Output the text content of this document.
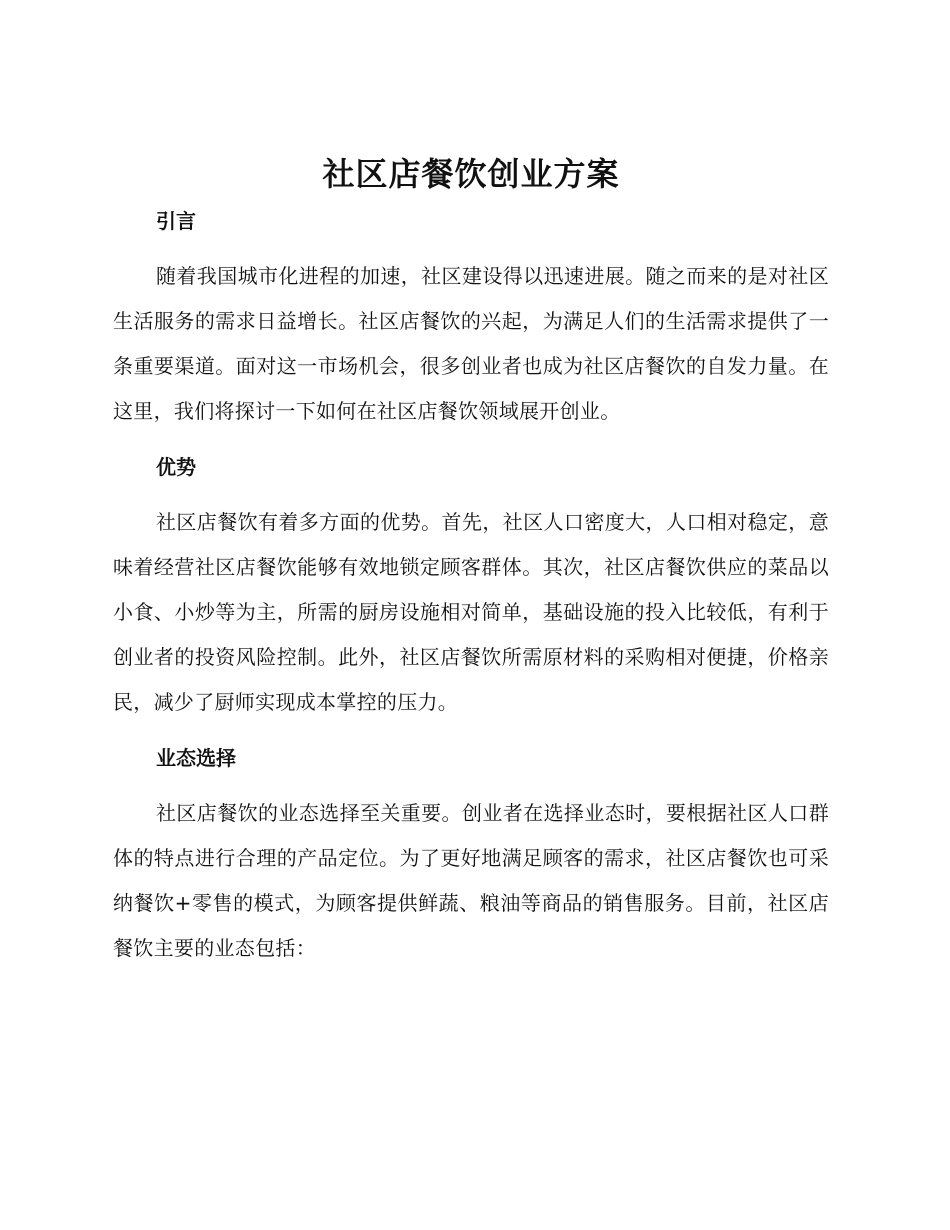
社区店餐饮创业方案
引言

随着我国城市化进程的加速，社区建设得以迅速进展。随之而来的是对社区生活服务的需求日益增长。社区店餐饮的兴起，为满足人们的生活需求提供了一条重要渠道。面对这一市场机会，很多创业者也成为社区店餐饮的自发力量。在这里，我们将探讨一下如何在社区店餐饮领域展开创业。

优势

社区店餐饮有着多方面的优势。首先，社区人口密度大，人口相对稳定，意味着经营社区店餐饮能够有效地锁定顾客群体。其次，社区店餐饮供应的菜品以小食、小炒等为主，所需的厨房设施相对简单，基础设施的投入比较低，有利于创业者的投资风险控制。此外，社区店餐饮所需原材料的采购相对便捷，价格亲民，减少了厨师实现成本掌控的压力。

业态选择

社区店餐饮的业态选择至关重要。创业者在选择业态时，要根据社区人口群体的特点进行合理的产品定位。为了更好地满足顾客的需求，社区店餐饮也可采纳餐饮+零售的模式，为顾客提供鲜蔬、粮油等商品的销售服务。目前，社区店餐饮主要的业态包括：
